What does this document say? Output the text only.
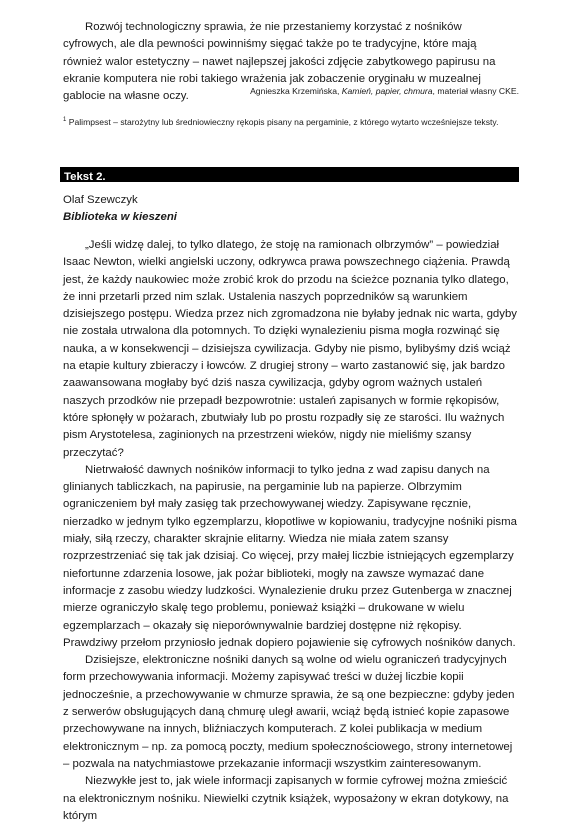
Rozwój technologiczny sprawia, że nie przestaniemy korzystać z nośników cyfrowych, ale dla pewności powinniśmy sięgać także po te tradycyjne, które mają również walor estetyczny – nawet najlepszej jakości zdjęcie zabytkowego papirusu na ekranie komputera nie robi takiego wrażenia jak zobaczenie oryginału w muzealnej gablocie na własne oczy.	Agnieszka Krzemińska, Kamień, papier, chmura, materiał własny CKE.
$^1$ Palimpsest – starożytny lub średniowieczny rękopis pisany na pergaminie, z którego wytarto wcześniejsze teksty.
Tekst 2.
Olaf Szewczyk
Biblioteka w kieszeni

„Jeśli widzę dalej, to tylko dlatego, że stoję na ramionach olbrzymów” – powiedział Isaac Newton, wielki angielski uczony, odkrywca prawa powszechnego ciążenia. Prawdą jest, że każdy naukowiec może zrobić krok do przodu na ścieżce poznania tylko dlatego, że inni przetarli przed nim szlak. Ustalenia naszych poprzedników są warunkiem dzisiejszego postępu. Wiedza przez nich zgromadzona nie byłaby jednak nic warta, gdyby nie została utrwalona dla potomnych. To dzięki wynalezieniu pisma mogła rozwinąć się nauka, a w konsekwencji – dzisiejsza cywilizacja. Gdyby nie pismo, bylibyśmy dziś wciąż na etapie kultury zbieraczy i łowców. Z drugiej strony – warto zastanowić się, jak bardzo zaawansowana mogłaby być dziś nasza cywilizacja, gdyby ogrom ważnych ustaleń naszych przodków nie przepadł bezpowrotnie: ustaleń zapisanych w formie rękopisów, które spłonęły w pożarach, zbutwiały lub po prostu rozpadły się ze starości. Ilu ważnych pism Arystotelesa, zaginionych na przestrzeni wieków, nigdy nie mieliśmy szansy przeczytać?

Nietrwałość dawnych nośników informacji to tylko jedna z wad zapisu danych na glinianych tabliczkach, na papirusie, na pergaminie lub na papierze. Olbrzymim ograniczeniem był mały zasięg tak przechowywanej wiedzy. Zapisywane ręcznie, nierzadko w jednym tylko egzemplarzu, kłopotliwe w kopiowaniu, tradycyjne nośniki pisma miały, siłą rzeczy, charakter skrajnie elitarny. Wiedza nie miała zatem szansy rozprzestrzeniać się tak jak dzisiaj. Co więcej, przy małej liczbie istniejących egzemplarzy niefortunne zdarzenia losowe, jak pożar biblioteki, mogły na zawsze wymazać dane informacje z zasobu wiedzy ludzkości. Wynalezienie druku przez Gutenberga w znacznej mierze ograniczyło skalę tego problemu, ponieważ książki – drukowane w wielu egzemplarzach – okazały się nieporównywalnie bardziej dostępne niż rękopisy. Prawdziwy przełom przyniosło jednak dopiero pojawienie się cyfrowych nośników danych.

Dzisiejsze, elektroniczne nośniki danych są wolne od wielu ograniczeń tradycyjnych form przechowywania informacji. Możemy zapisywać treści w dużej liczbie kopii jednocześnie, a przechowywanie w chmurze sprawia, że są one bezpieczne: gdyby jeden z serwerów obsługujących daną chmurę uległ awarii, wciąż będą istnieć kopie zapasowe przechowywane na innych, bliźniaczych komputerach. Z kolei publikacja w medium elektronicznym – np. za pomocą poczty, medium społecznościowego, strony internetowej – pozwala na natychmiastowe przekazanie informacji wszystkim zainteresowanym.

Niezwykłe jest to, jak wiele informacji zapisanych w formie cyfrowej można zmieścić na elektronicznym nośniku. Niewielki czytnik książek, wyposażony w ekran dotykowy, na którym
